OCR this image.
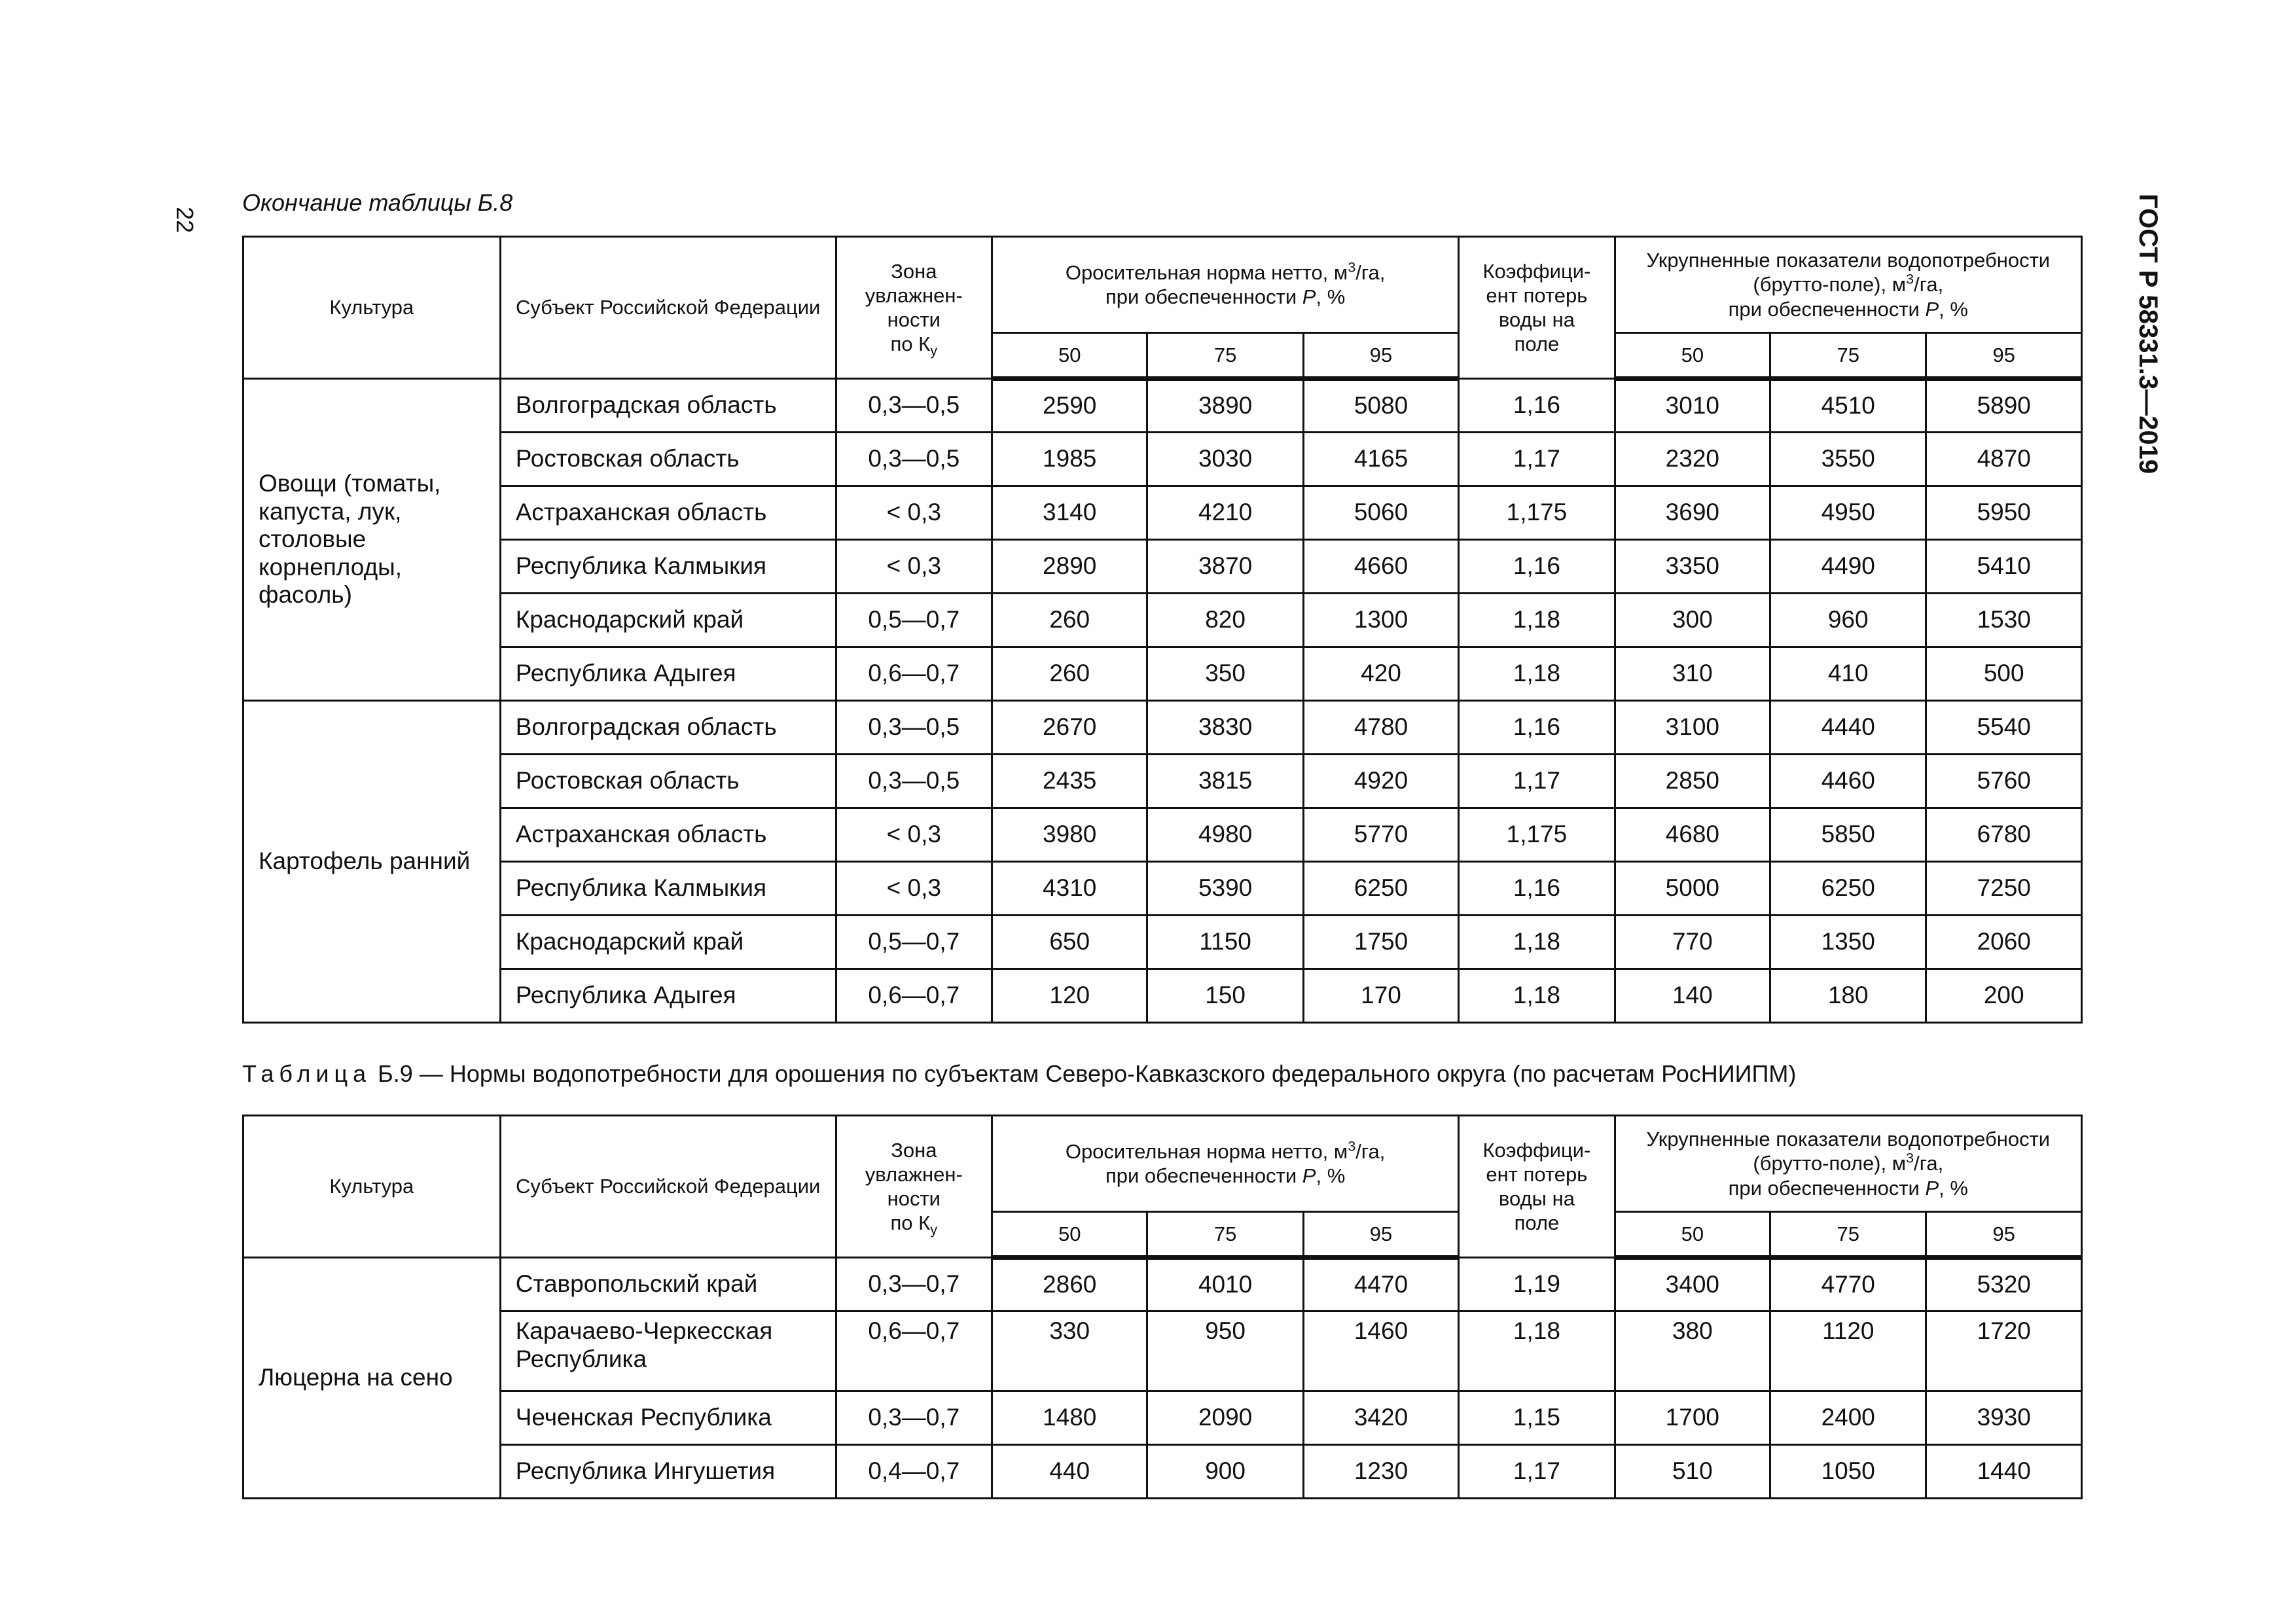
22	ГОСТ Р 58331.3—2019
Окончание таблицы Б.8
Культура	Субъект Российской Федерации	Зона
увлажнен-
ности
по $К_у$	Оросительная норма нетто, $м^3/га$,
при обеспеченности P, %			Коэффици-
ент потерь
воды на
поле	Укрупненные показатели водопотребности
(брутто-поле), $м^3/га$,
при обеспеченности P, %		
			50	75	95		50	75	95
Овощи (томаты, капуста, лук, столовые корнеплоды, фасоль)	Волгоградская область	0,3—0,5	2590	3890	5080	1,16	3010	4510	5890
	Ростовская область	0,3—0,5	1985	3030	4165	1,17	2320	3550	4870
	Астраханская область	< 0,3	3140	4210	5060	1,175	3690	4950	5950
	Республика Калмыкия	< 0,3	2890	3870	4660	1,16	3350	4490	5410
	Краснодарский край	0,5—0,7	260	820	1300	1,18	300	960	1530
	Республика Адыгея	0,6—0,7	260	350	420	1,18	310	410	500
Картофель ранний	Волгоградская область	0,3—0,5	2670	3830	4780	1,16	3100	4440	5540
	Ростовская область	0,3—0,5	2435	3815	4920	1,17	2850	4460	5760
	Астраханская область	< 0,3	3980	4980	5770	1,175	4680	5850	6780
	Республика Калмыкия	< 0,3	4310	5390	6250	1,16	5000	6250	7250
	Краснодарский край	0,5—0,7	650	1150	1750	1,18	770	1350	2060
	Республика Адыгея	0,6—0,7	120	150	170	1,18	140	180	200
Таблица Б.9 — Нормы водопотребности для орошения по субъектам Северо-Кавказского федерального округа (по расчетам РосНИИПМ)
Культура	Субъект Российской Федерации	Зона
увлажнен-
ности
по $К_у$	Оросительная норма нетто, $м^3/га$,
при обеспеченности P, %			Коэффици-
ент потерь
воды на
поле	Укрупненные показатели водопотребности
(брутто-поле), $м^3/га$,
при обеспеченности P, %		
			50	75	95		50	75	95
Люцерна на сено	Ставропольский край	0,3—0,7	2860	4010	4470	1,19	3400	4770	5320
	Карачаево-Черкесская Республика	0,6—0,7	330	950	1460	1,18	380	1120	1720
	Чеченская Республика	0,3—0,7	1480	2090	3420	1,15	1700	2400	3930
	Республика Ингушетия	0,4—0,7	440	900	1230	1,17	510	1050	1440
